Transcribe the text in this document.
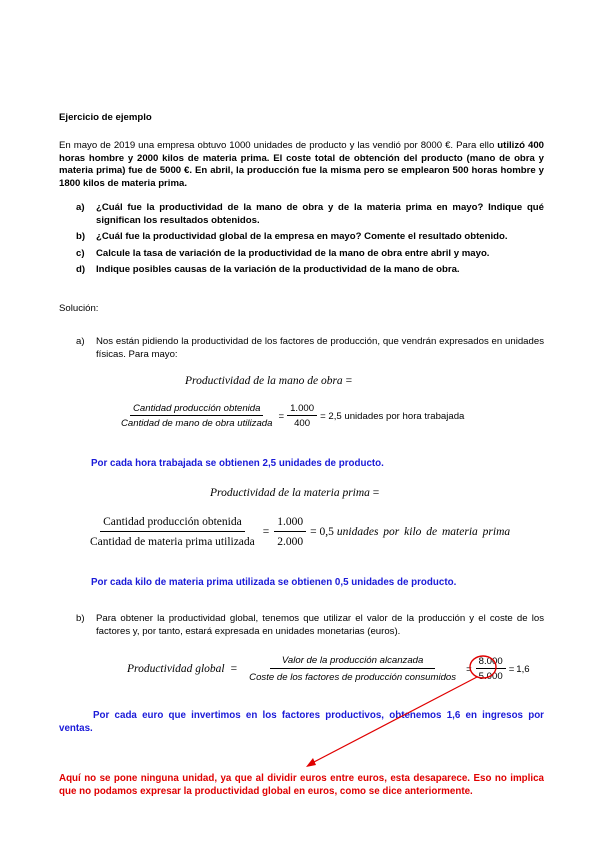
Ejercicio de ejemplo
En mayo de 2019 una empresa obtuvo 1000 unidades de producto y las vendió por 8000 €. Para ello utilizó 400 horas hombre y 2000 kilos de materia prima. El coste total de obtención del producto (mano de obra y materia prima) fue de 5000 €. En abril, la producción fue la misma pero se emplearon 500 horas hombre y 1800 kilos de materia prima.
a)	¿Cuál fue la productividad de la mano de obra y de la materia prima en mayo? Indique qué significan los resultados obtenidos.
b)	¿Cuál fue la productividad global de la empresa en mayo? Comente el resultado obtenido.
c)	Calcule la tasa de variación de la productividad de la mano de obra entre abril y mayo.
d)	Indique posibles causas de la variación de la productividad de la mano de obra.
Solución:
a) Nos están pidiendo la productividad de los factores de producción, que vendrán expresados en unidades físicas. Para mayo:
Productividad de la mano de obra =
$\frac{\text{Cantidad producción obtenida}}{\text{Cantidad de mano de obra utilizada}} = \frac{1.000}{400} = 2,5$ unidades por hora trabajada
Por cada hora trabajada se obtienen 2,5 unidades de producto.
Productividad de la materia prima =
$\frac{\text{Cantidad producción obtenida}}{\text{Cantidad de materia prima utilizada}} = \frac{1.000}{2.000} = 0,5$ unidades por kilo de materia prima
Por cada kilo de materia prima utilizada se obtienen 0,5 unidades de producto.
b) Para obtener la productividad global, tenemos que utilizar el valor de la producción y el coste de los factores y, por tanto, estará expresada en unidades monetarias (euros).
Productividad global = $\frac{\text{Valor de la producción alcanzada}}{\text{Coste de los factores de producción consumidos}} = \frac{8.000}{5.000} = 1,6$
Por cada euro que invertimos en los factores productivos, obtenemos 1,6 en ingresos por ventas.
Aquí no se pone ninguna unidad, ya que al dividir euros entre euros, esta desaparece. Eso no implica que no podamos expresar la productividad global en euros, como se dice anteriormente.
